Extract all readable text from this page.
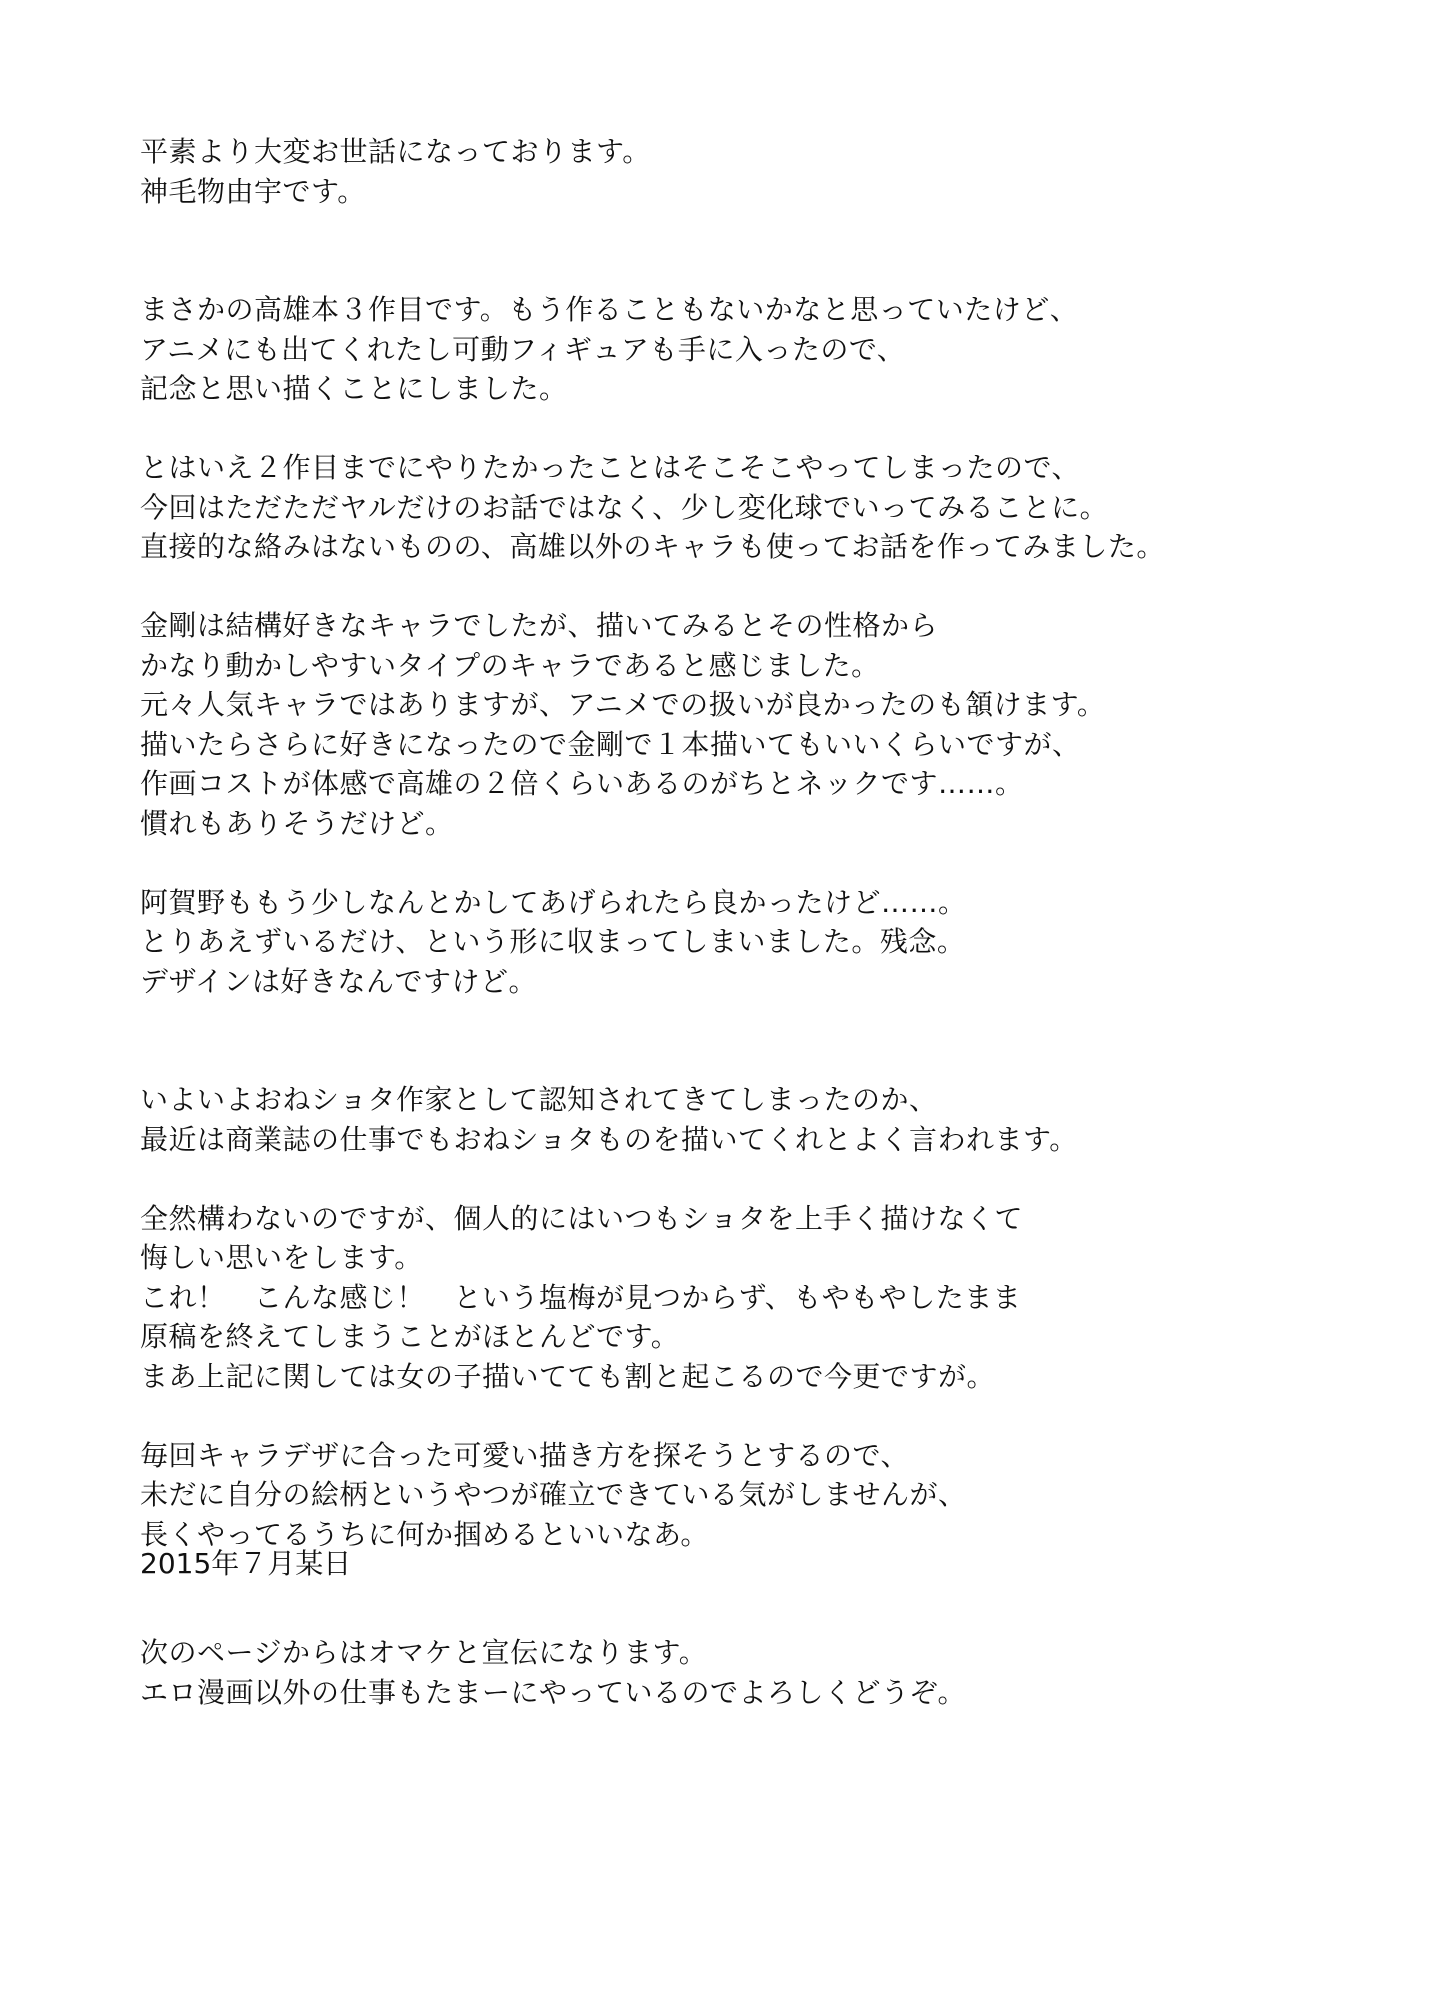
平素より大変お世話になっております。
神毛物由宇です。
まさかの高雄本３作目です。もう作ることもないかなと思っていたけど、
アニメにも出てくれたし可動フィギュアも手に入ったので、
記念と思い描くことにしました。
とはいえ２作目までにやりたかったことはそこそこやってしまったので、
今回はただただヤルだけのお話ではなく、少し変化球でいってみることに。
直接的な絡みはないものの、高雄以外のキャラも使ってお話を作ってみました。
金剛は結構好きなキャラでしたが、描いてみるとその性格から
かなり動かしやすいタイプのキャラであると感じました。
元々人気キャラではありますが、アニメでの扱いが良かったのも頷けます。
描いたらさらに好きになったので金剛で１本描いてもいいくらいですが、
作画コストが体感で高雄の２倍くらいあるのがちとネックです……。
慣れもありそうだけど。
阿賀野ももう少しなんとかしてあげられたら良かったけど……。
とりあえずいるだけ、という形に収まってしまいました。残念。
デザインは好きなんですけど。
いよいよおねショタ作家として認知されてきてしまったのか、
最近は商業誌の仕事でもおねショタものを描いてくれとよく言われます。
全然構わないのですが、個人的にはいつもショタを上手く描けなくて
悔しい思いをします。
これ！　こんな感じ！　という塩梅が見つからず、もやもやしたまま
原稿を終えてしまうことがほとんどです。
まあ上記に関しては女の子描いてても割と起こるので今更ですが。
毎回キャラデザに合った可愛い描き方を探そうとするので、
未だに自分の絵柄というやつが確立できている気がしませんが、
長くやってるうちに何か掴めるといいなあ。
次のページからはオマケと宣伝になります。
エロ漫画以外の仕事もたまーにやっているのでよろしくどうぞ。
2015年７月某日
